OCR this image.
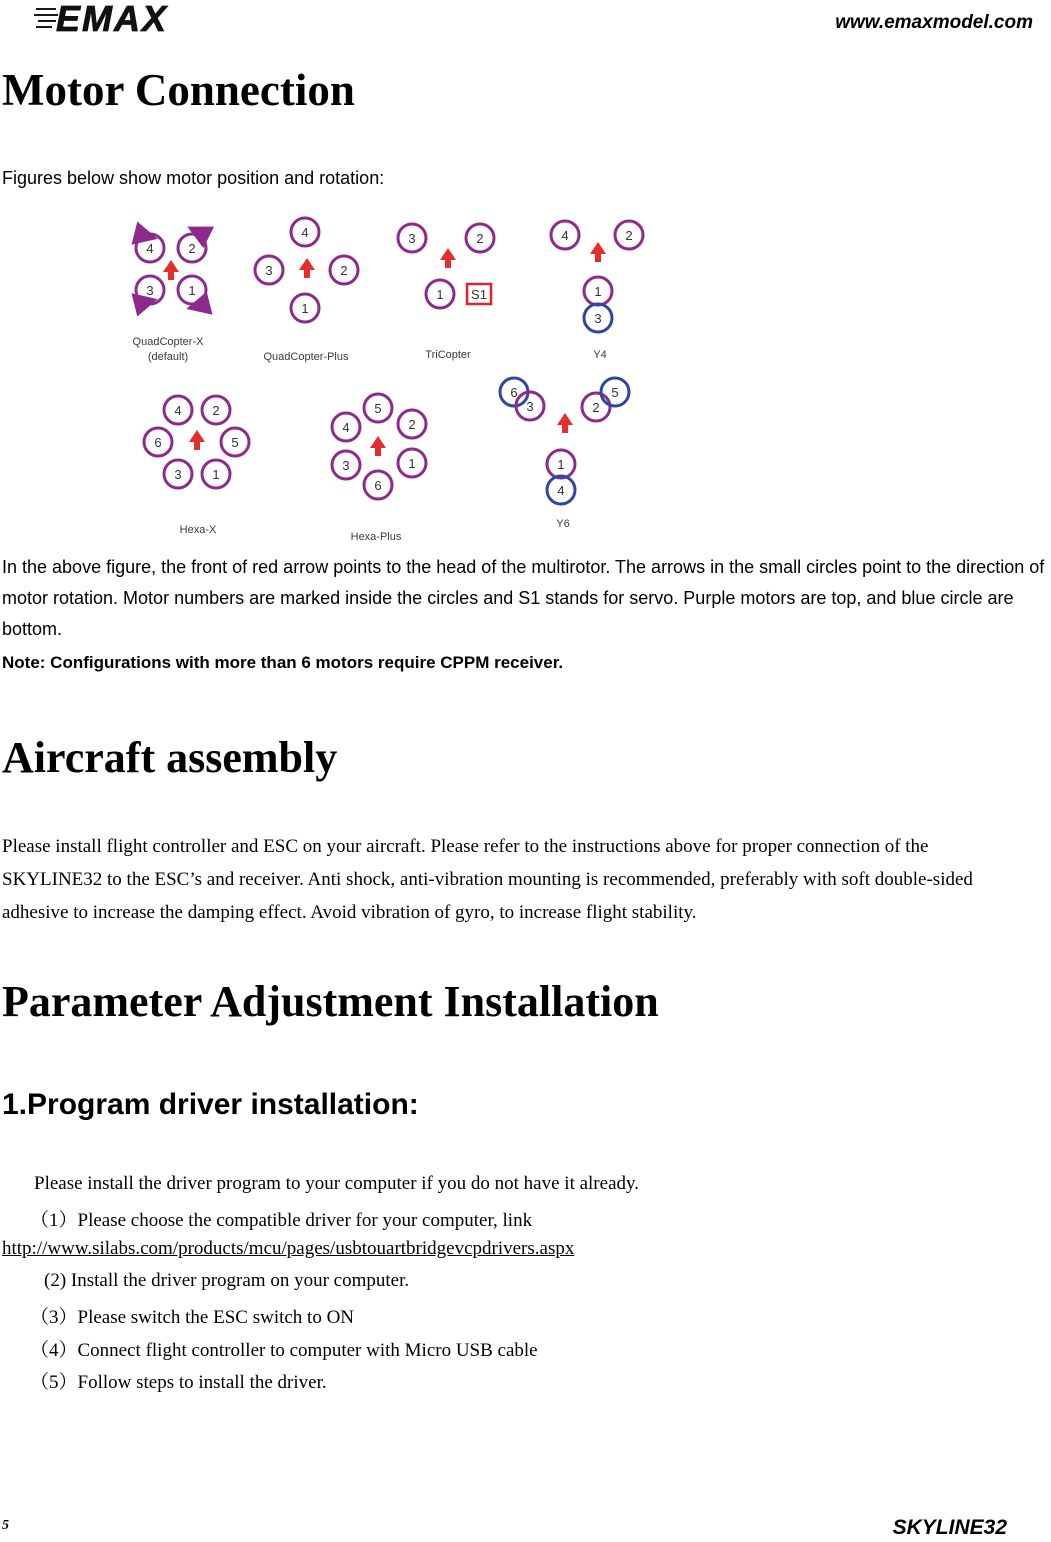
EMAX	www.emaxmodel.com
Motor Connection
Figures below show motor position and rotation:
4	2
3	1
QuadCopter-X
(default)
4
3	2
1
QuadCopter-Plus
3	2
1 S1
TriCopter
4	2
1
3
Y4
4 2
6	5
3 1
Hexa-X
5
4	2
3	1
6
Hexa-Plus
6
3	2
5
1
4
Y6
In the above figure, the front of red arrow points to the head of the multirotor. The arrows in the small circles point to the direction of motor rotation. Motor numbers are marked inside the circles and S1 stands for servo. Purple motors are top, and blue circle are bottom.
Note: Configurations with more than 6 motors require CPPM receiver.
Aircraft assembly
Please install flight controller and ESC on your aircraft. Please refer to the instructions above for proper connection of the SKYLINE32 to the ESC’s and receiver. Anti shock, anti-vibration mounting is recommended, preferably with soft double-sided adhesive to increase the damping effect. Avoid vibration of gyro, to increase flight stability.
Parameter Adjustment Installation
1.Program driver installation:
Please install the driver program to your computer if you do not have it already.
（1）Please choose the compatible driver for your computer, link
http://www.silabs.com/products/mcu/pages/usbtouartbridgevcpdrivers.aspx
(2) Install the driver program on your computer.
（3）Please switch the ESC switch to ON
（4）Connect flight controller to computer with Micro USB cable
（5）Follow steps to install the driver.
5	SKYLINE32
